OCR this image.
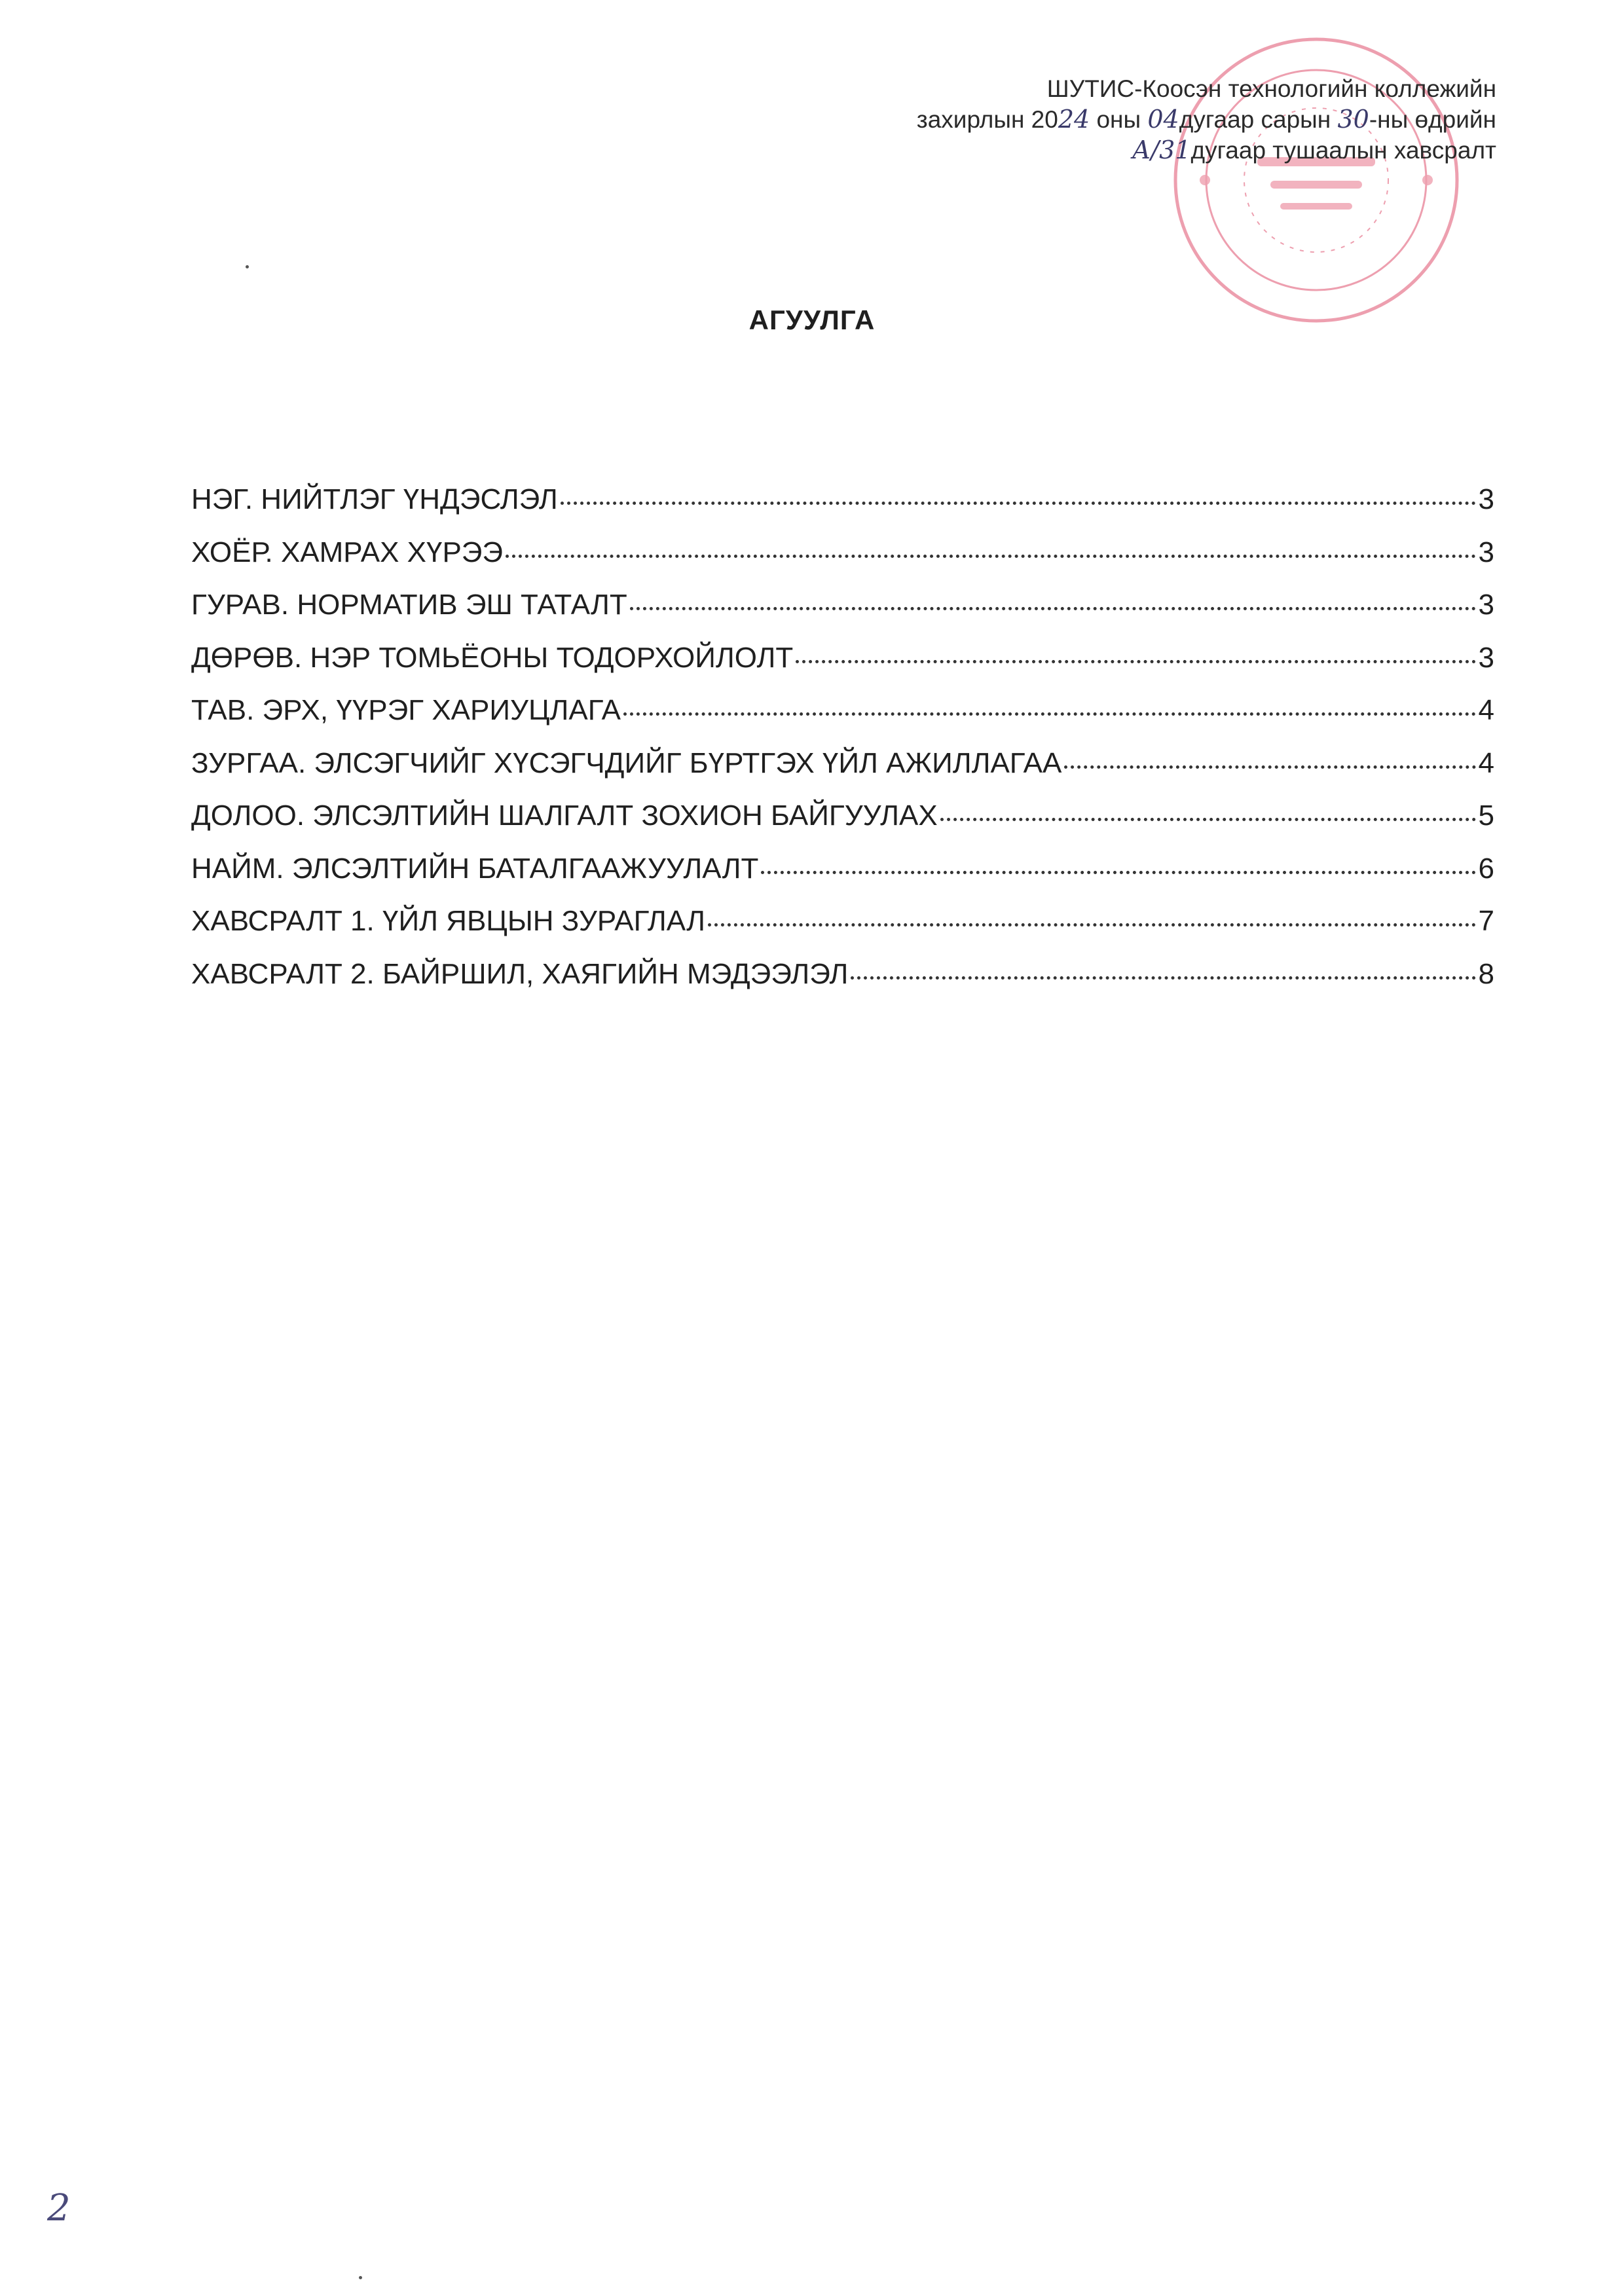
ШУТИС-Коосэн технологийн коллежийн
захирлын 2024 оны 04дугаар сарын 30-ны өдрийн
А/31дугаар тушаалын хавсралт
АГУУЛГА
НЭГ. НИЙТЛЭГ ҮНДЭСЛЭЛ	3
ХОЁР. ХАМРАХ ХҮРЭЭ	3
ГУРАВ. НОРМАТИВ ЭШ ТАТАЛТ	3
ДӨРӨВ. НЭР ТОМЬЁОНЫ ТОДОРХОЙЛОЛТ	3
ТАВ. ЭРХ, ҮҮРЭГ ХАРИУЦЛАГА	4
ЗУРГАА. ЭЛСЭГЧИЙГ ХҮСЭГЧДИЙГ БҮРТГЭХ ҮЙЛ АЖИЛЛАГАА	4
ДОЛОО. ЭЛСЭЛТИЙН ШАЛГАЛТ ЗОХИОН БАЙГУУЛАХ	5
НАЙМ. ЭЛСЭЛТИЙН БАТАЛГААЖУУЛАЛТ	6
ХАВСРАЛТ 1. ҮЙЛ ЯВЦЫН ЗУРАГЛАЛ	7
ХАВСРАЛТ 2. БАЙРШИЛ, ХАЯГИЙН МЭДЭЭЛЭЛ	8
2
